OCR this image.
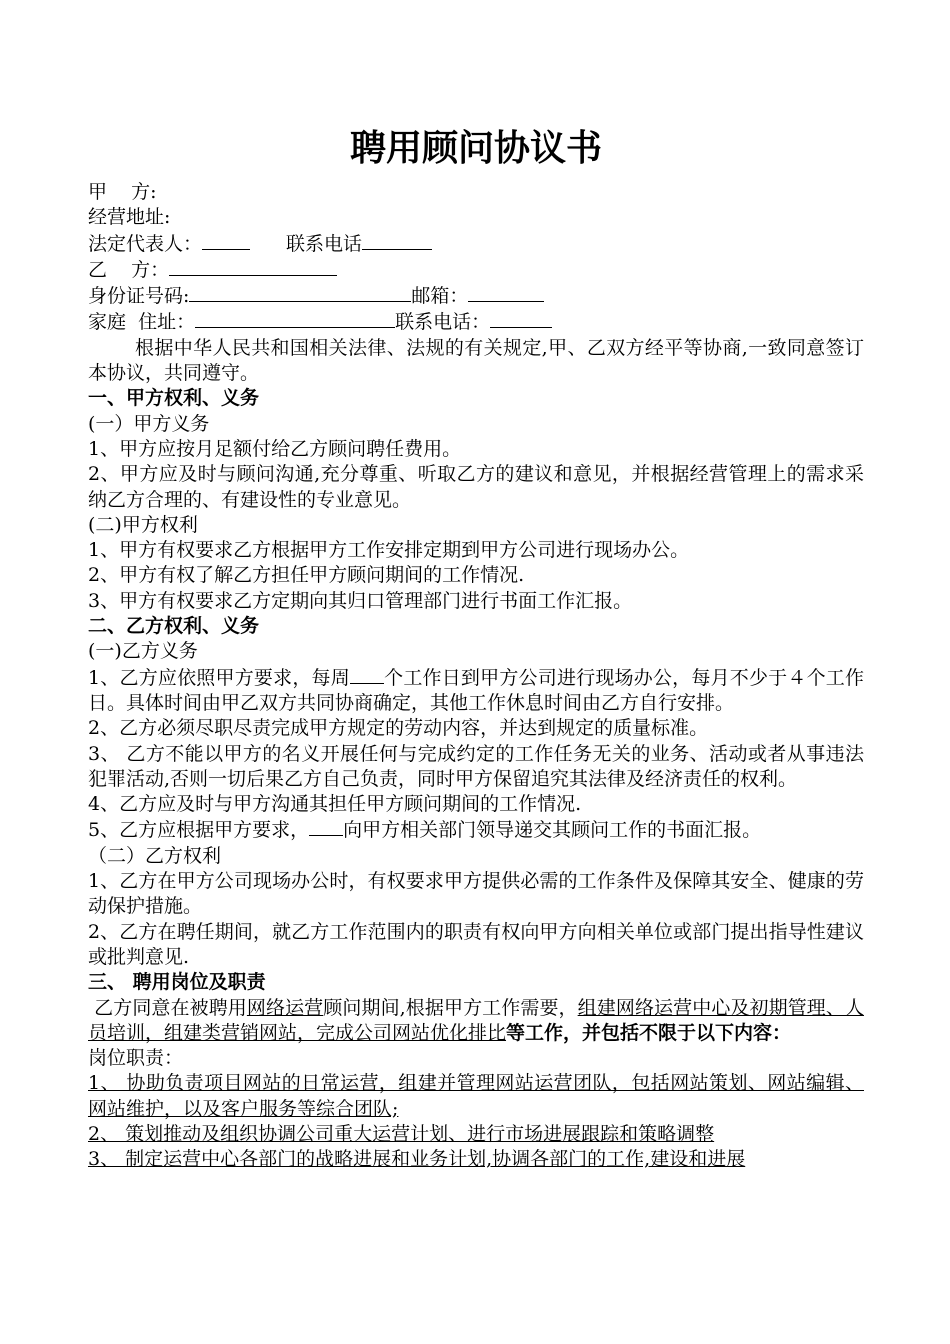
聘用顾问协议书
甲    方:
经营地址:
法定代表人：	联系电话
乙    方：
身份证号码:	邮箱：
家庭  住址：	联系电话：
根据中华人民共和国相关法律、法规的有关规定,甲、乙双方经平等协商,一致同意签订本协议，共同遵守。
一、甲方权利、义务
(一）甲方义务
1、甲方应按月足额付给乙方顾问聘任费用。
2、甲方应及时与顾问沟通,充分尊重、听取乙方的建议和意见，并根据经营管理上的需求采纳乙方合理的、有建设性的专业意见。
(二)甲方权利
1、甲方有权要求乙方根据甲方工作安排定期到甲方公司进行现场办公。
2、甲方有权了解乙方担任甲方顾问期间的工作情况.
3、甲方有权要求乙方定期向其归口管理部门进行书面工作汇报。
二、乙方权利、义务
(一)乙方义务
1、乙方应依照甲方要求，每周 个工作日到甲方公司进行现场办公，每月不少于４个工作日。具体时间由甲乙双方共同协商确定，其他工作休息时间由乙方自行安排。
2、乙方必须尽职尽责完成甲方规定的劳动内容，并达到规定的质量标准。
3、 乙方不能以甲方的名义开展任何与完成约定的工作任务无关的业务、活动或者从事违法犯罪活动,否则一切后果乙方自己负责，同时甲方保留追究其法律及经济责任的权利。
4、乙方应及时与甲方沟通其担任甲方顾问期间的工作情况.
5、乙方应根据甲方要求， 向甲方相关部门领导递交其顾问工作的书面汇报。
（二）乙方权利
1、乙方在甲方公司现场办公时，有权要求甲方提供必需的工作条件及保障其安全、健康的劳动保护措施。
2、乙方在聘任期间，就乙方工作范围内的职责有权向甲方向相关单位或部门提出指导性建议或批判意见.
三、 聘用岗位及职责
乙方同意在被聘用网络运营顾问期间,根据甲方工作需要，组建网络运营中心及初期管理、人员培训，组建类营销网站，完成公司网站优化排比等工作，并包括不限于以下内容：
岗位职责：
1、 协助负责项目网站的日常运营，组建并管理网站运营团队，包括网站策划、网站编辑、 网站维护，以及客户服务等综合团队;
2、 策划推动及组织协调公司重大运营计划、进行市场进展跟踪和策略调整
3、 制定运营中心各部门的战略进展和业务计划,协调各部门的工作,建设和进展
